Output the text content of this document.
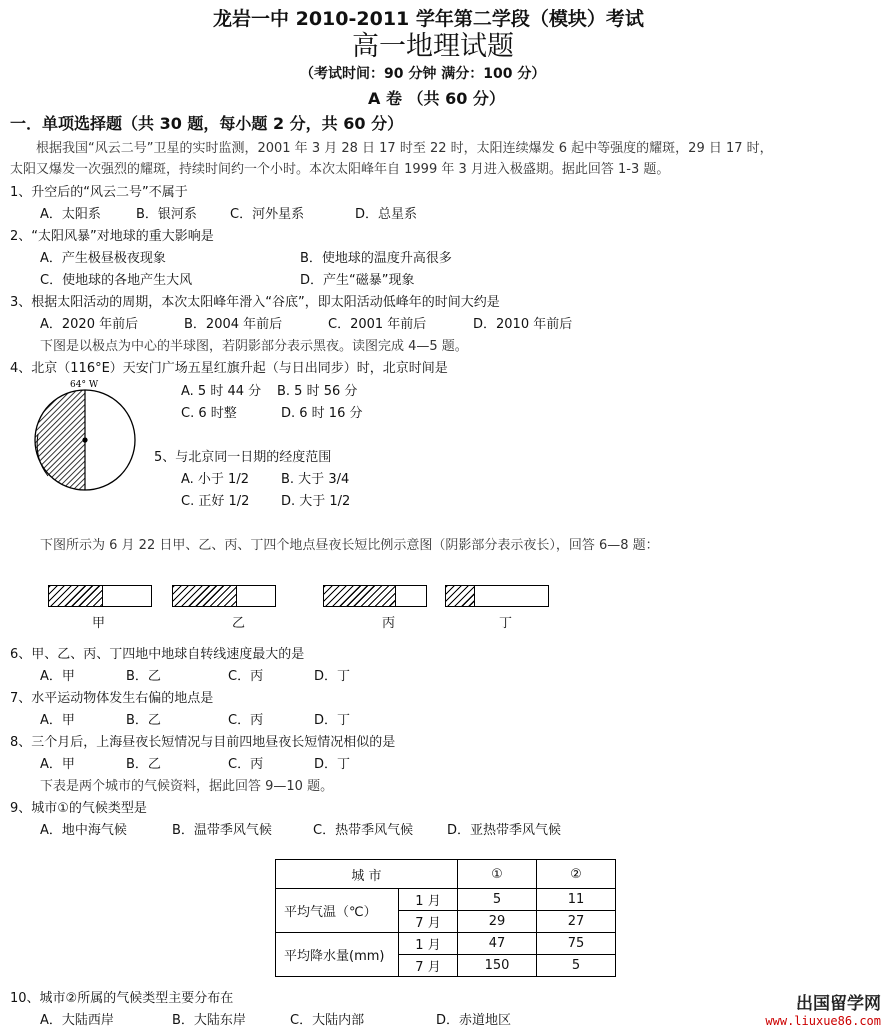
龙岩一中 2010-2011 学年第二学段（模块）考试
高一地理试题
（考试时间：90 分钟 满分：100 分）
A 卷 （共 60 分）
一．单项选择题（共 30 题，每小题 2 分，共 60 分）
根据我国“风云二号”卫星的实时监测，2001 年 3 月 28 日 17 时至 22 时，太阳连续爆发 6 起中等强度的耀斑，29 日 17 时，
太阳又爆发一次强烈的耀斑，持续时间约一个小时。本次太阳峰年自 1999 年 3 月进入极盛期。据此回答 1-3 题。
1、升空后的“风云二号”不属于
A．太阳系	B．银河系	C．河外星系	D．总星系
2、“太阳风暴”对地球的重大影响是
A．产生极昼极夜现象	B．使地球的温度升高很多
C．使地球的各地产生大风	D．产生“磁暴”现象
3、根据太阳活动的周期，本次太阳峰年滑入“谷底”，即太阳活动低峰年的时间大约是
A．2020 年前后	B．2004 年前后	C．2001 年前后	D．2010 年前后
下图是以极点为中心的半球图，若阴影部分表示黑夜。读图完成 4—5 题。
4、北京（116°E）天安门广场五星红旗升起（与日出同步）时，北京时间是
64° W	A. 5 时 44 分 B. 5 时 56 分
C. 6 时整	D. 6 时 16 分
5、与北京同一日期的经度范围
A. 小于 1/2 B. 大于 3/4
C. 正好 1/2 D. 大于 1/2
下图所示为 6 月 22 日甲、乙、丙、丁四个地点昼夜长短比例示意图（阴影部分表示夜长），回答 6—8 题：
甲	乙	丙	丁
6、甲、乙、丙、丁四地中地球自转线速度最大的是
A．甲	B．乙	C．丙	D．丁
7、水平运动物体发生右偏的地点是
A．甲	B．乙	C．丙	D．丁
8、三个月后，上海昼夜长短情况与目前四地昼夜长短情况相似的是
A．甲	B．乙	C．丙	D．丁
下表是两个城市的气候资料，据此回答 9—10 题。
9、城市①的气候类型是
A．地中海气候	B．温带季风气候	C．热带季风气候	D．亚热带季风气候
城 市		①	②
平均气温（℃）	1 月	5	11
	7 月	29	27
平均降水量(mm)	1 月	47	75
	7 月	150	5
10、城市②所属的气候类型主要分布在
A．大陆西岸	B．大陆东岸	C．大陆内部	D．赤道地区
出国留学网
www.liuxue86.com
